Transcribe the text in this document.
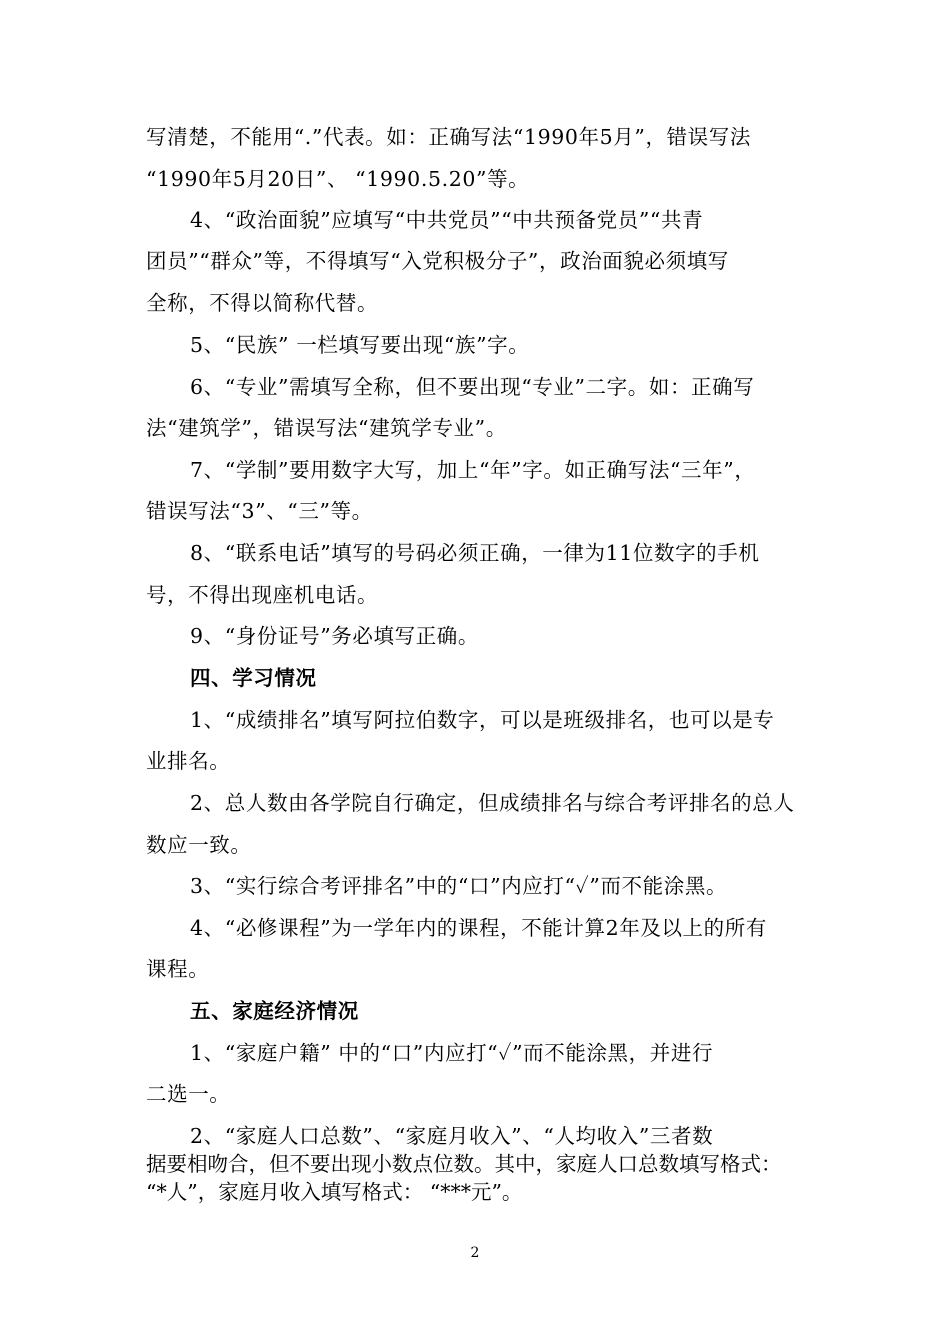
写清楚，不能用“.”代表。如：正确写法“1990年5月”，错误写法
“1990年5月20日”、 “1990.5.20”等。
4、“政治面貌”应填写“中共党员”“中共预备党员”“共青
团员”“群众”等，不得填写“入党积极分子”，政治面貌必须填写
全称，不得以简称代替。
5、“民族” 一栏填写要出现“族”字。
6、“专业”需填写全称，但不要出现“专业”二字。如：正确写
法“建筑学”，错误写法“建筑学专业”。
7、“学制”要用数字大写，加上“年”字。如正确写法“三年”，
错误写法“3”、“三”等。
8、“联系电话”填写的号码必须正确，一律为11位数字的手机
号，不得出现座机电话。
9、“身份证号”务必填写正确。
四、学习情况
1、“成绩排名”填写阿拉伯数字，可以是班级排名，也可以是专
业排名。
2、总人数由各学院自行确定，但成绩排名与综合考评排名的总人
数应一致。
3、“实行综合考评排名”中的“口”内应打“✓”而不能涂黑。
4、“必修课程”为一学年内的课程，不能计算2年及以上的所有
课程。
五、家庭经济情况
1、“家庭户籍” 中的“口”内应打“✓”而不能涂黑，并进行
二选一。
2、“家庭人口总数”、“家庭月收入”、“人均收入”三者数
据要相吻合，但不要出现小数点位数。其中，家庭人口总数填写格式：
“*人”，家庭月收入填写格式： “***元”。
2
